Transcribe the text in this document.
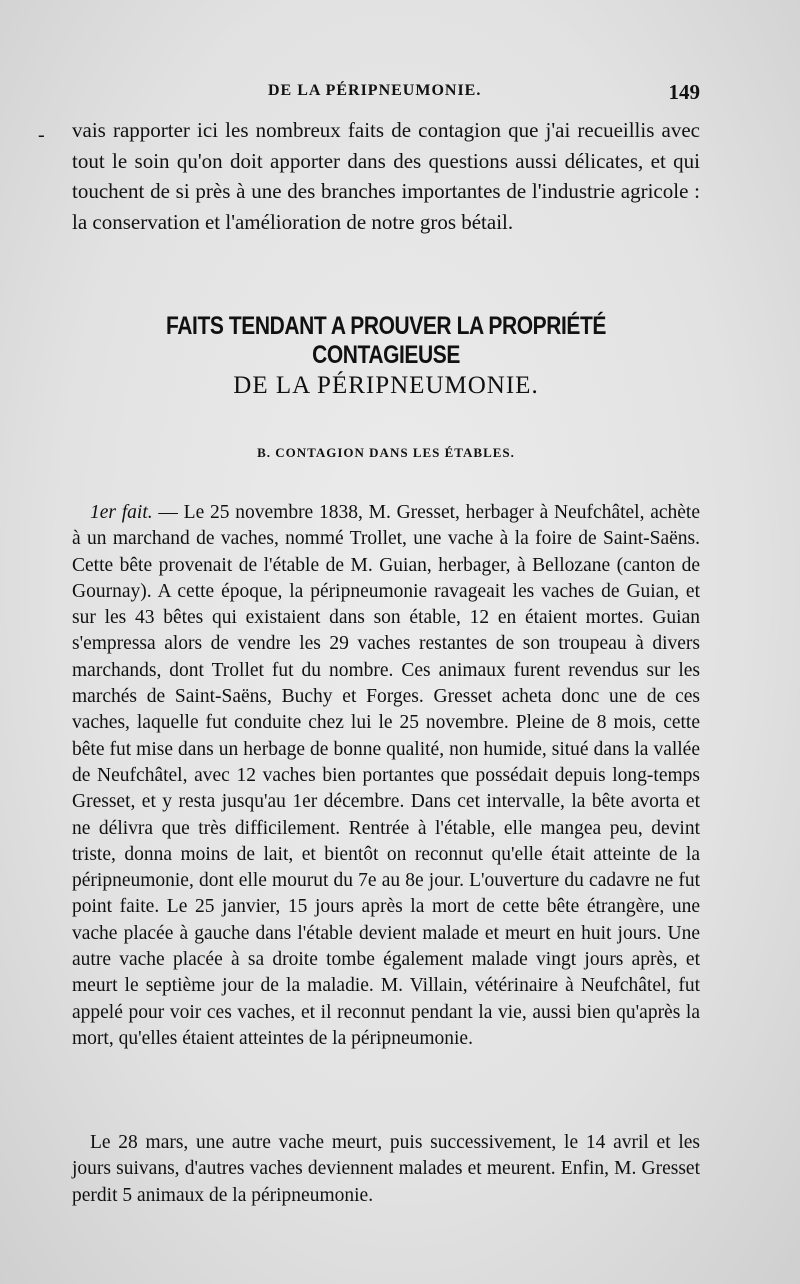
-
DE LA PÉRIPNEUMONIE.	149

vais rapporter ici les nombreux faits de contagion que j'ai recueillis avec tout le soin qu'on doit apporter dans des questions aussi délicates, et qui touchent de si près à une des branches importantes de l'industrie agricole : la conservation et l'amélioration de notre gros bétail.

FAITS TENDANT A PROUVER LA PROPRIÉTÉ CONTAGIEUSE
DE LA PÉRIPNEUMONIE.
B. CONTAGION DANS LES ÉTABLES.

1er fait. — Le 25 novembre 1838, M. Gresset, herbager à Neufchâtel, achète à un marchand de vaches, nommé Trollet, une vache à la foire de Saint-Saëns. Cette bête provenait de l'étable de M. Guian, herbager, à Bellozane (canton de Gournay). A cette époque, la péripneumonie ravageait les vaches de Guian, et sur les 43 bêtes qui existaient dans son étable, 12 en étaient mortes. Guian s'empressa alors de vendre les 29 vaches restantes de son troupeau à divers marchands, dont Trollet fut du nombre. Ces animaux furent revendus sur les marchés de Saint-Saëns, Buchy et Forges. Gresset acheta donc une de ces vaches, laquelle fut conduite chez lui le 25 novembre. Pleine de 8 mois, cette bête fut mise dans un herbage de bonne qualité, non humide, situé dans la vallée de Neufchâtel, avec 12 vaches bien portantes que possédait depuis long-temps Gresset, et y resta jusqu'au 1er décembre. Dans cet intervalle, la bête avorta et ne délivra que très difficilement. Rentrée à l'étable, elle mangea peu, devint triste, donna moins de lait, et bientôt on reconnut qu'elle était atteinte de la péripneumonie, dont elle mourut du 7e au 8e jour. L'ouverture du cadavre ne fut point faite. Le 25 janvier, 15 jours après la mort de cette bête étrangère, une vache placée à gauche dans l'étable devient malade et meurt en huit jours. Une autre vache placée à sa droite tombe également malade vingt jours après, et meurt le septième jour de la maladie. M. Villain, vétérinaire à Neufchâtel, fut appelé pour voir ces vaches, et il reconnut pendant la vie, aussi bien qu'après la mort, qu'elles étaient atteintes de la péripneumonie.

Le 28 mars, une autre vache meurt, puis successivement, le 14 avril et les jours suivans, d'autres vaches deviennent malades et meurent. Enfin, M. Gresset perdit 5 animaux de la péripneumonie.
